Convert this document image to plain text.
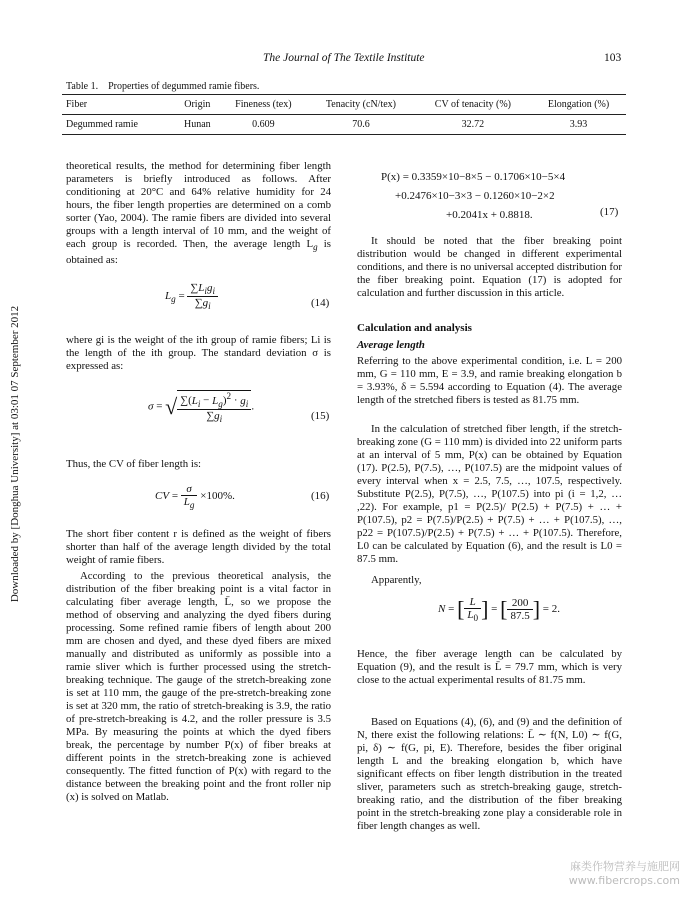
The Journal of The Textile Institute	103
Table 1. Properties of degummed ramie fibers.
Fiber	Origin	Fineness (tex)	Tenacity (cN/tex)	CV of tenacity (%)	Elongation (%)
Degummed ramie	Hunan	0.609	70.6	32.72	3.93

theoretical results, the method for determining fiber length parameters is briefly introduced as follows. After conditioning at 20°C and 64% relative humidity for 24 hours, the fiber length properties are determined on a comb sorter (Yao, 2004). The ramie fibers are divided into several groups with a length interval of 10 mm, and the weight of each group is recorded. Then, the average length $L_g$ is obtained as:

$L_g = \frac{\sum L_ig_i}{\sum g_i}$	(14)

where gi is the weight of the ith group of ramie fibers; Li is the length of the ith group. The standard deviation σ is expressed as:

σ = √ $\frac{\sum(L_i - L_g)^2 \cdot g_i}{\sum g_i}$ .
(15)

Thus, the CV of fiber length is:

CV = $\frac{\sigma}{L_g} \times 100\%$.	(16)

The short fiber content r is defined as the weight of fibers shorter than half of the average length divided by the total weight of ramie fibers.

According to the previous theoretical analysis, the distribution of the fiber breaking point is a vital factor in calculating fiber average length, L̄, so we propose the method of observing and analyzing the dyed fibers during processing. Some refined ramie fibers of length about 200 mm are chosen and dyed, and these dyed fibers are mixed manually and distributed as uniformly as possible into a ramie sliver which is further processed using the stretch-breaking technique. The gauge of the stretch-breaking zone is set at 110 mm, the gauge of the pre-stretch-breaking zone is set at 320 mm, the ratio of stretch-breaking is 3.9, the ratio of pre-stretch-breaking is 4.2, and the roller pressure is 3.5 MPa. By measuring the points at which the dyed fibers break, the percentage by number P(x) of fiber breaks at different points in the stretch-breaking zone is achieved consequently. The fitted function of P(x) with regard to the distance between the breaking point and the front roller nip (x) is solved on Matlab.

P(x) = 0.3359×10−8×5 − 0.1706×10−5×4
+0.2476×10−3×3 − 0.1260×10−2×2
+0.2041x + 0.8818.	(17)

It should be noted that the fiber breaking point distribution would be changed in different experimental conditions, and there is no universal accepted distribution for the fiber breaking point. Equation (17) is adopted for calculation and further discussion in this article.

Calculation and analysis
Average length

Referring to the above experimental condition, i.e. L = 200 mm, G = 110 mm, E = 3.9, and ramie breaking elongation b = 3.93%, δ = 5.594 according to Equation (4). The average length of the stretched fibers is tested as 81.75 mm.

In the calculation of stretched fiber length, if the stretch-breaking zone (G = 110 mm) is divided into 22 uniform parts at an interval of 5 mm, P(x) can be obtained by Equation (17). P(2.5), P(7.5), …, P(107.5) are the midpoint values of every interval when x = 2.5, 7.5, …, 107.5, respectively. Substitute P(2.5), P(7.5), …, P(107.5) into pi (i = 1,2, … ,22). For example, p1 = P(2.5)/ P(2.5) + P(7.5) + … + P(107.5), p2 = P(7.5)/P(2.5) + P(7.5) + … + P(107.5), …, p22 = P(107.5)/P(2.5) + P(7.5) + … + P(107.5). Therefore, L0 can be calculated by Equation (6), and the result is L0 = 87.5 mm.

Apparently,

N = [ $\frac{L}{L_0}$ ] = [ $\frac{200}{87.5}$ ] = 2.

Hence, the fiber average length can be calculated by Equation (9), and the result is L̄ = 79.7 mm, which is very close to the actual experimental results of 81.75 mm.

Based on Equations (4), (6), and (9) and the definition of N, there exist the following relations: L̄ ∼ f(N, L0) ∼ f(G, pi, δ) ∼ f(G, pi, E). Therefore, besides the fiber original length L and the breaking elongation b, which have significant effects on fiber length distribution in the treated sliver, parameters such as stretch-breaking gauge, stretch-breaking ratio, and the distribution of the fiber breaking point in the stretch-breaking zone play a considerable role in fiber length changes as well.

Downloaded by [Donghua University] at 03:01 07 September 2012
麻类作物营养与施肥网
www.fibercrops.com
